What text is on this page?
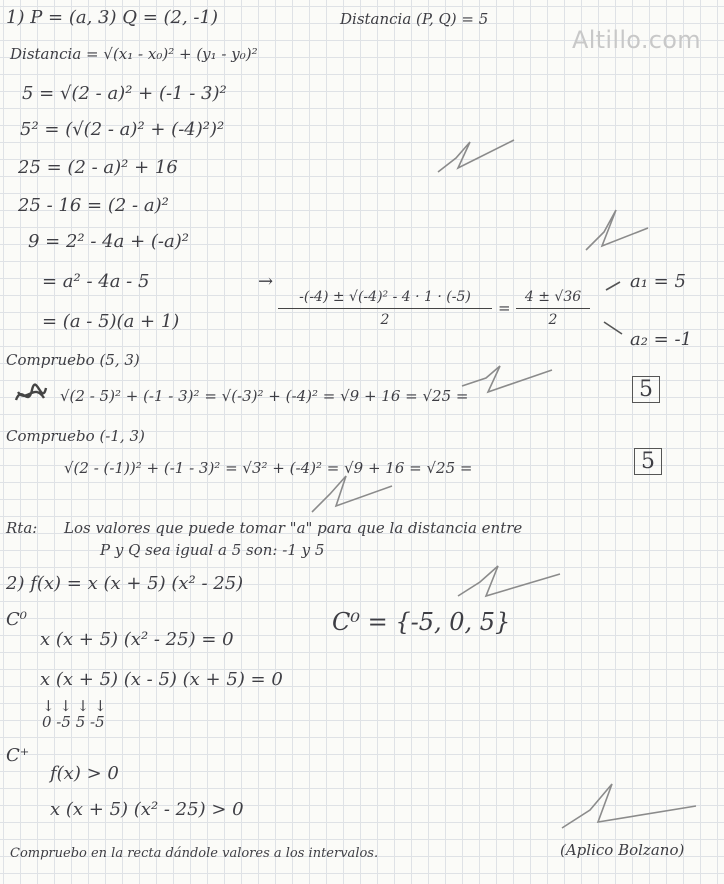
Altillo.com
1) P = (a, 3) Q = (2, -1)	Distancia (P, Q) = 5
Distancia = √(x₁ - x₀)² + (y₁ - y₀)²
5 = √(2 - a)² + (-1 - 3)²
5² = (√(2 - a)² + (-4)²)²
25 = (2 - a)² + 16
25 - 16 = (2 - a)²
9 = 2² - 4a + (-a)²
= a² - 4a - 5
= (a - 5)(a + 1)
→
-(-4) ± √(-4)² - 4 · 1 · (-5)
2
=
4 ± √36
2
a₁ = 5
a₂ = -1
Compruebo (5, 3)
√(2 - 5)² + (-1 - 3)² = √(-3)² + (-4)² = √9 + 16 = √25 =	5
Compruebo (-1, 3)
√(2 - (-1))² + (-1 - 3)² = √3² + (-4)² = √9 + 16 = √25 =	5
Rta: Los valores que puede tomar "a" para que la distancia entre
P y Q sea igual a 5 son: -1 y 5
2) f(x) = x (x + 5) (x² - 25)
C⁰
x (x + 5) (x² - 25) = 0
x (x + 5) (x - 5) (x + 5) = 0
↓ ↓ ↓ ↓
0 -5 5 -5
C⁰ = {-5, 0, 5}
C⁺
f(x) > 0
x (x + 5) (x² - 25) > 0
Compruebo en la recta dándole valores a los intervalos.	(Aplico Bolzano)
